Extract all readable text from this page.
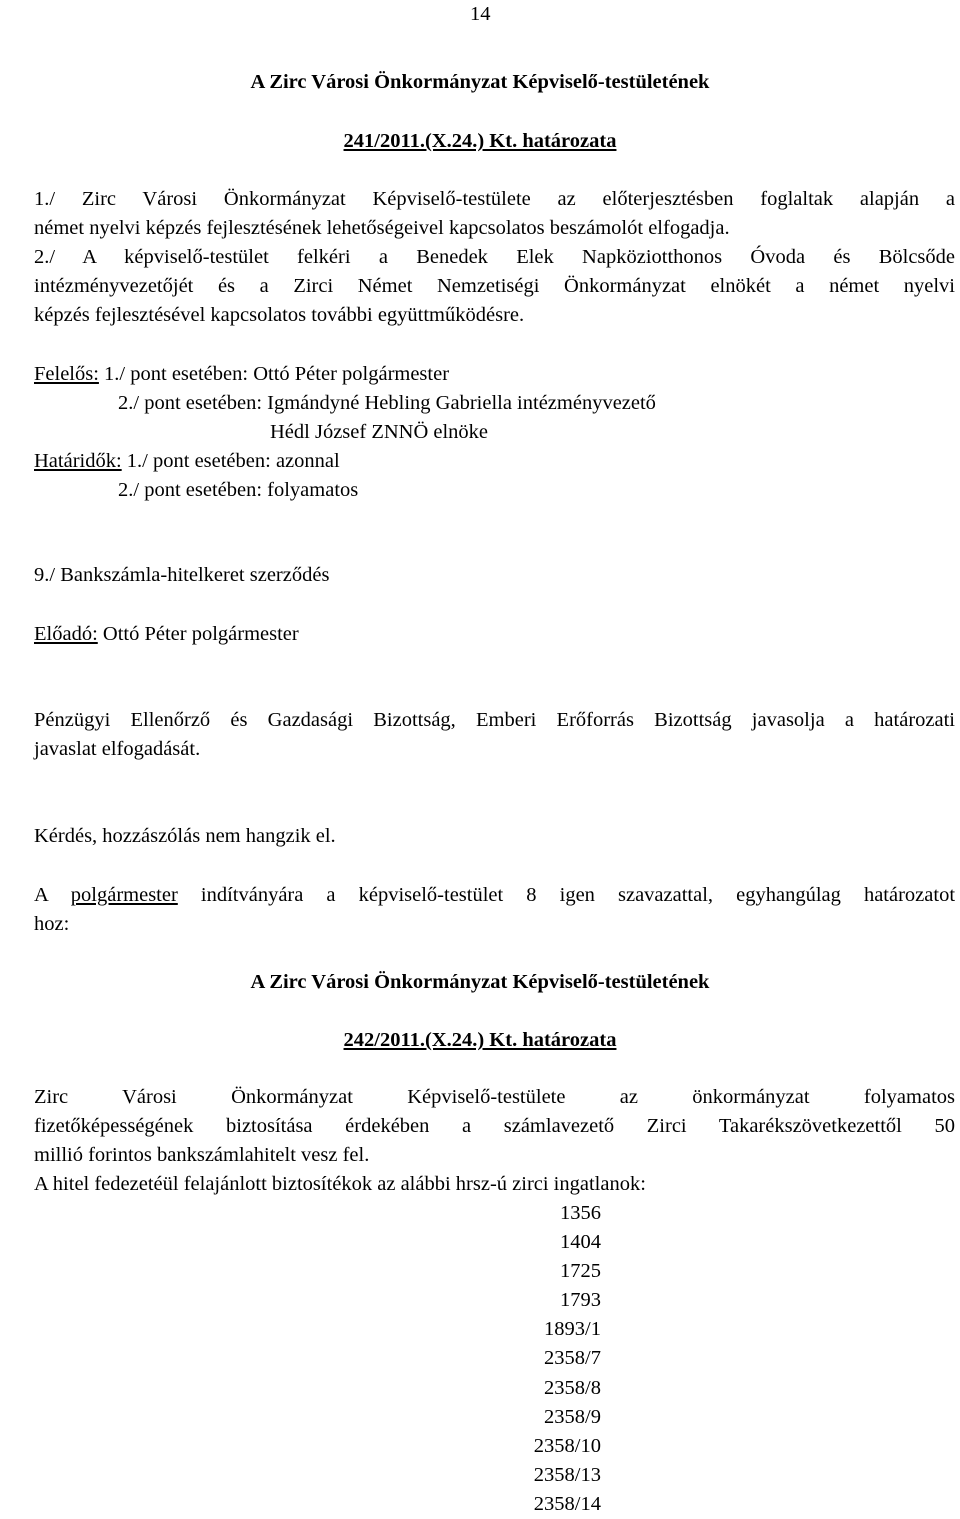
14
A Zirc Városi Önkormányzat Képviselő-testületének
241/2011.(X.24.) Kt. határozata
1./ Zirc Városi Önkormányzat Képviselő-testülete az előterjesztésben foglaltak alapján a
német nyelvi képzés fejlesztésének lehetőségeivel kapcsolatos beszámolót elfogadja.
2./ A képviselő-testület felkéri a Benedek Elek Napköziotthonos Óvoda és Bölcsőde
intézményvezetőjét és a Zirci Német Nemzetiségi Önkormányzat elnökét a német nyelvi
képzés fejlesztésével kapcsolatos további együttműködésre.
Felelős: 1./ pont esetében: Ottó Péter polgármester
2./ pont esetében: Igmándyné Hebling Gabriella intézményvezető
Hédl József ZNNÖ elnöke
Határidők: 1./ pont esetében: azonnal
2./ pont esetében: folyamatos
9./ Bankszámla-hitelkeret szerződés
Előadó: Ottó Péter polgármester
Pénzügyi Ellenőrző és Gazdasági Bizottság, Emberi Erőforrás Bizottság javasolja a határozati
javaslat elfogadását.
Kérdés, hozzászólás nem hangzik el.
A polgármester indítványára a képviselő-testület 8 igen szavazattal, egyhangúlag határozatot
hoz:
A Zirc Városi Önkormányzat Képviselő-testületének
242/2011.(X.24.) Kt. határozata
Zirc Városi Önkormányzat Képviselő-testülete az önkormányzat folyamatos
fizetőképességének biztosítása érdekében a számlavezető Zirci Takarékszövetkezettől 50
millió forintos bankszámlahitelt vesz fel.
A hitel fedezetéül felajánlott biztosítékok az alábbi hrsz-ú zirci ingatlanok:
1356
1404
1725
1793
1893/1
2358/7
2358/8
2358/9
2358/10
2358/13
2358/14
